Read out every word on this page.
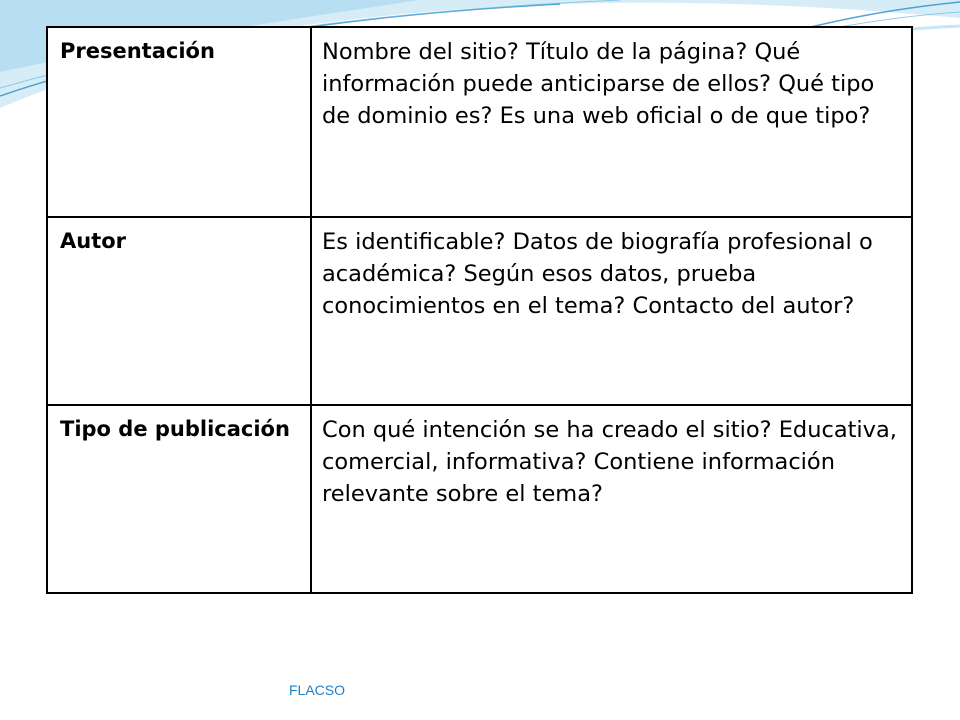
Presentación	Nombre del sitio? Título de la página? Qué información puede anticiparse de ellos? Qué tipo de dominio es? Es una web oficial o de que tipo?
Autor	Es identificable? Datos de biografía profesional o académica? Según esos datos, prueba conocimientos en el tema? Contacto del autor?
Tipo de publicación	Con qué intención se ha creado el sitio? Educativa, comercial, informativa? Contiene información relevante sobre el tema?
FLACSO
